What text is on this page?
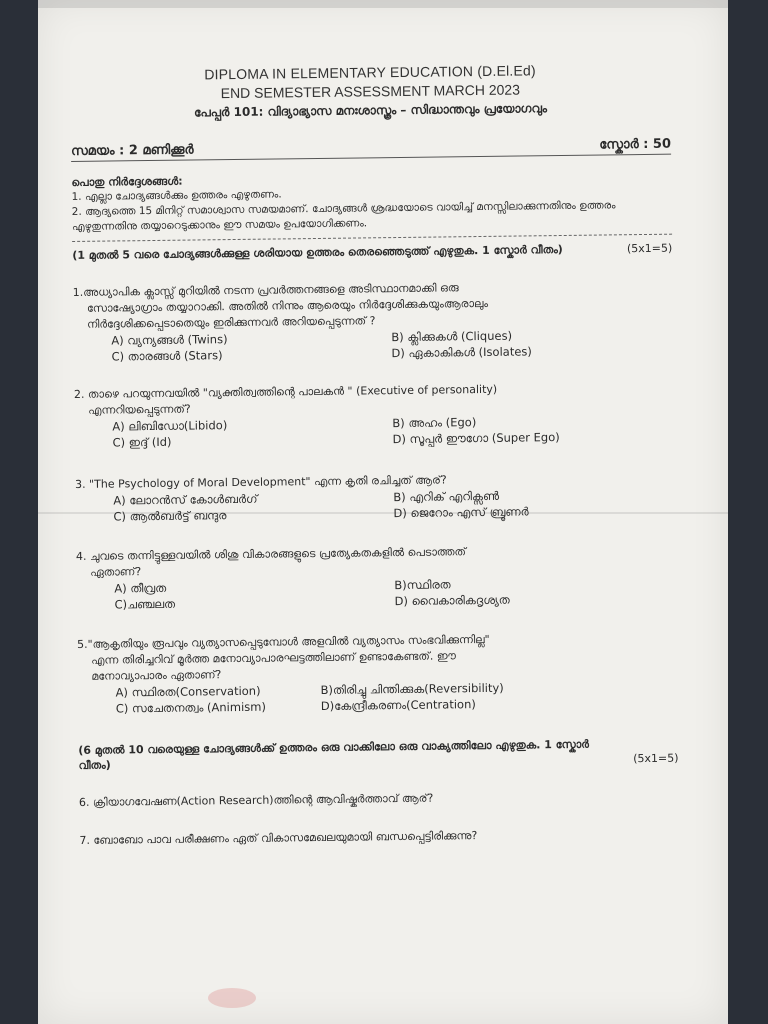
DIPLOMA IN ELEMENTARY EDUCATION (D.El.Ed)
END SEMESTER ASSESSMENT MARCH 2023
പേപ്പർ 101: വിദ്യാഭ്യാസ മനഃശാസ്ത്രം – സിദ്ധാന്തവും പ്രയോഗവും
സമയം : 2 മണിക്കൂർ	സ്കോർ : 50
പൊതു നിർദ്ദേശങ്ങൾ:
1. എല്ലാ ചോദ്യങ്ങൾക്കും ഉത്തരം എഴുതണം.
2. ആദ്യത്തെ 15 മിനിറ്റ് സമാശ്വാസ സമയമാണ്. ചോദ്യങ്ങൾ ശ്രദ്ധയോടെ വായിച്ച് മനസ്സിലാക്കുന്നതിനും ഉത്തരം എഴുതുന്നതിനു തയ്യാറെടുക്കാനും ഈ സമയം ഉപയോഗിക്കണം.
(1 മുതൽ 5 വരെ ചോദ്യങ്ങൾക്കുള്ള ശരിയായ ഉത്തരം തെരഞ്ഞെടുത്ത് എഴുതുക. 1 സ്കോർ വീതം)	(5x1=5)
1.അധ്യാപിക ക്ലാസ്സ് മുറിയിൽ നടന്ന പ്രവർത്തനങ്ങളെ അടിസ്ഥാനമാക്കി ഒരു
സോഷ്യോഗ്രാം തയ്യാറാക്കി. അതിൽ നിന്നും ആരെയും നിർദ്ദേശിക്കുകയുംആരാലും
നിർദ്ദേശിക്കപ്പെടാതെയും ഇരിക്കുന്നവർ അറിയപ്പെടുന്നത് ?
A) വ്യന്യങ്ങൾ (Twins)	B) ക്ലിക്കുകൾ (Cliques)
C) താരങ്ങൾ (Stars)	D) ഏകാകികൾ (Isolates)
2. താഴെ പറയുന്നവയിൽ "വ്യക്തിത്വത്തിന്റെ പാലകൻ " (Executive of personality)
എന്നറിയപ്പെടുന്നത്?
A) ലിബിഡോ(Libido)	B) അഹം (Ego)
C) ഇദ്ദ് (Id)	D) സൂപ്പർ ഈഗോ (Super Ego)
3. "The Psychology of Moral Development" എന്ന കൃതി രചിച്ചത് ആര്?
A) ലോറൻസ് കോൾബർഗ്	B) എറിക് എറിക്സൺ
C) ആൽബർട്ട് ബന്ദുര	D) ജെറോം എസ് ബ്രൂണർ
4. ചുവടെ തന്നിട്ടുള്ളവയിൽ ശിശു വികാരങ്ങളുടെ പ്രത്യേകതകളിൽ പെടാത്തത്
ഏതാണ്?
A) തീവ്രത	B)സ്ഥിരത
C)ചഞ്ചലത	D) വൈകാരികദൃശ്യത
5."ആകൃതിയും രൂപവും വ്യത്യാസപ്പെടുമ്പോൾ അളവിൽ വ്യത്യാസം സംഭവിക്കുന്നില്ല"
എന്ന തിരിച്ചറിവ് മൂർത്ത മനോവ്യാപാരഘട്ടത്തിലാണ് ഉണ്ടാകേണ്ടത്. ഈ
മനോവ്യാപാരം ഏതാണ്?
A) സ്ഥിരത(Conservation)	B)തിരിച്ചു ചിന്തിക്കുക(Reversibility)
C) സചേതനത്വം (Animism)	D)കേന്ദ്രീകരണം(Centration)
(6 മുതൽ 10 വരെയുള്ള ചോദ്യങ്ങൾക്ക് ഉത്തരം ഒരു വാക്കിലോ ഒരു വാക്യത്തിലോ എഴുതുക. 1 സ്കോർ വീതം)
(5x1=5)
6. ക്രിയാഗവേഷണ(Action Research)ത്തിന്റെ ആവിഷ്കർത്താവ് ആര്?
7. ബോബോ പാവ പരീക്ഷണം ഏത് വികാസമേഖലയുമായി ബന്ധപ്പെട്ടിരിക്കുന്നു?
